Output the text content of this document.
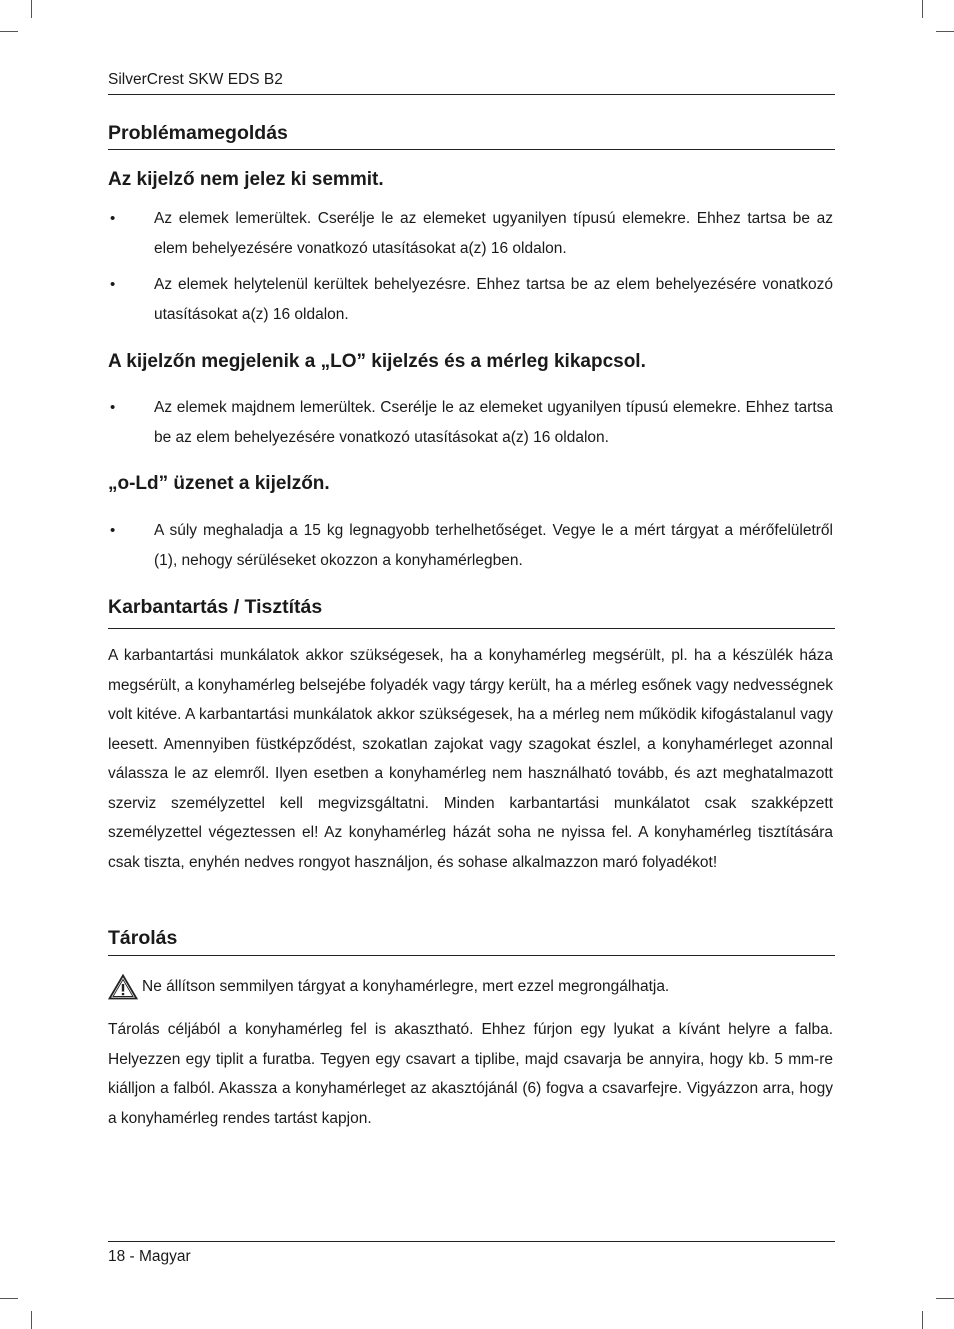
SilverCrest SKW EDS B2
Problémamegoldás
Az kijelző nem jelez ki semmit.
• Az elemek lemerültek. Cserélje le az elemeket ugyanilyen típusú elemekre. Ehhez tartsa be az elem behelyezésére vonatkozó utasításokat a(z) 16 oldalon.
• Az elemek helytelenül kerültek behelyezésre. Ehhez tartsa be az elem behelyezésére vonatkozó utasításokat a(z) 16 oldalon.
A kijelzőn megjelenik a „LO” kijelzés és a mérleg kikapcsol.
• Az elemek majdnem lemerültek. Cserélje le az elemeket ugyanilyen típusú elemekre. Ehhez tartsa be az elem behelyezésére vonatkozó utasításokat a(z) 16 oldalon.
„o-Ld” üzenet a kijelzőn.
• A súly meghaladja a 15 kg legnagyobb terhelhetőséget. Vegye le a mért tárgyat a mérőfelületről (1), nehogy sérüléseket okozzon a konyhamérlegben.
Karbantartás / Tisztítás
A karbantartási munkálatok akkor szükségesek, ha a konyhamérleg megsérült, pl. ha a készülék háza megsérült, a konyhamérleg belsejébe folyadék vagy tárgy került, ha a mérleg esőnek vagy nedvességnek volt kitéve. A karbantartási munkálatok akkor szükségesek, ha a mérleg nem működik kifogástalanul vagy leesett. Amennyiben füstképződést, szokatlan zajokat vagy szagokat észlel, a konyhamérleget azonnal válassza le az elemről. Ilyen esetben a konyhamérleg nem használható tovább, és azt meghatalmazott szerviz személyzettel kell megvizsgáltatni. Minden karbantartási munkálatot csak szakképzett személyzettel végeztessen el! Az konyhamérleg házát soha ne nyissa fel. A konyhamérleg tisztítására csak tiszta, enyhén nedves rongyot használjon, és sohase alkalmazzon maró folyadékot!
Tárolás
Ne állítson semmilyen tárgyat a konyhamérlegre, mert ezzel megrongálhatja.
Tárolás céljából a konyhamérleg fel is akasztható. Ehhez fúrjon egy lyukat a kívánt helyre a falba. Helyezzen egy tiplit a furatba. Tegyen egy csavart a tiplibe, majd csavarja be annyira, hogy kb. 5 mm-re kiálljon a falból. Akassza a konyhamérleget az akasztójánál (6) fogva a csavarfejre. Vigyázzon arra, hogy a konyhamérleg rendes tartást kapjon.
18 - Magyar
